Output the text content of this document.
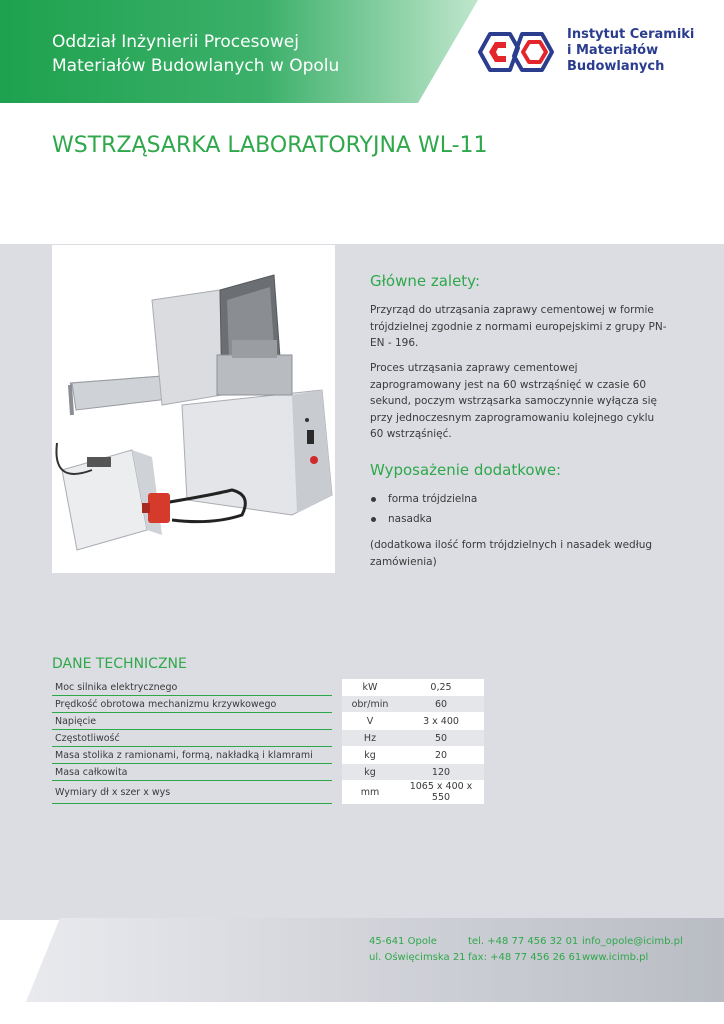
Oddział Inżynierii Procesowej
Materiałów Budowlanych w Opolu
Instytut Ceramiki
i Materiałów
Budowlanych
WSTRZĄSARKA LABORATORYJNA WL-11
Główne zalety:

Przyrząd do utrząsania zaprawy cementowej w formie trójdzielnej zgodnie z normami europejskimi z grupy PN-EN - 196.

Proces utrząsania zaprawy cementowej zaprogramowany jest na 60 wstrząśnięć w czasie 60 sekund, poczym wstrząsarka samoczynnie wyłącza się przy jednoczesnym zaprogramowaniu kolejnego cyklu 60 wstrząśnięć.

Wyposażenie dodatkowe:
forma trójdzielna
nasadka

(dodatkowa ilość form trójdzielnych i nasadek według zamówienia)

DANE TECHNICZNE
Moc silnika elektrycznego		kW	0,25
Prędkość obrotowa mechanizmu krzywkowego		obr/min	60
Napięcie		V	3 x 400
Częstotliwość		Hz	50
Masa stolika z ramionami, formą, nakładką i klamrami		kg	20
Masa całkowita		kg	120
Wymiary dł x szer x wys		mm	1065 x 400 x 550
45-641 Opole
ul. Oświęcimska 21
tel. +48 77 456 32 01
fax: +48 77 456 26 61
info_opole@icimb.pl
www.icimb.pl
